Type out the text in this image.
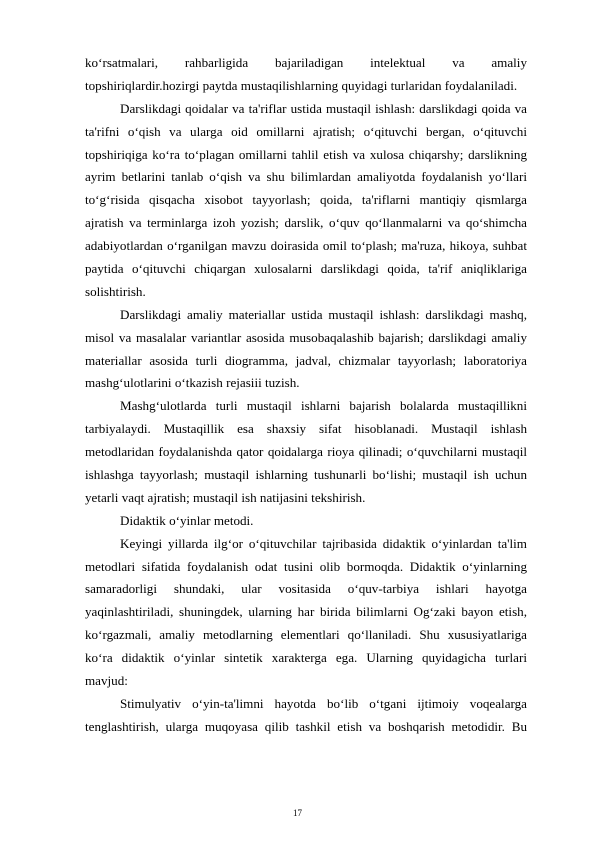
ko‘rsatmalari, rahbarligida bajariladigan intelektual va amaliy
topshiriqlardir.hozirgi paytda mustaqilishlarning quyidagi turlaridan foydalaniladi.
Darslikdagi qoidalar va ta'riflar ustida mustaqil ishlash: darslikdagi qoida va
ta'rifni o‘qish va ularga oid omillarni ajratish; o‘qituvchi bergan, o‘qituvchi
topshiriqiga ko‘ra to‘plagan omillarni tahlil etish va xulosa chiqarshy; darslikning
ayrim betlarini tanlab o‘qish va shu bilimlardan amaliyotda foydalanish yo‘llari
to‘g‘risida qisqacha xisobot tayyorlash; qoida, ta'riflarni mantiqiy qismlarga
ajratish va terminlarga izoh yozish; darslik, o‘quv qo‘llanmalarni va qo‘shimcha
adabiyotlardan o‘rganilgan mavzu doirasida omil to‘plash; ma'ruza, hikoya, suhbat
paytida o‘qituvchi chiqargan xulosalarni darslikdagi qoida, ta'rif aniqliklariga
solishtirish.
Darslikdagi amaliy materiallar ustida mustaqil ishlash: darslikdagi mashq,
misol va masalalar variantlar asosida musobaqalashib bajarish; darslikdagi amaliy
materiallar asosida turli diogramma, jadval, chizmalar tayyorlash; laboratoriya
mashg‘ulotlarini o‘tkazish rejasiii tuzish.
Mashg‘ulotlarda turli mustaqil ishlarni bajarish bolalarda mustaqillikni
tarbiyalaydi. Mustaqillik esa shaxsiy sifat hisoblanadi. Mustaqil ishlash
metodlaridan foydalanishda qator qoidalarga rioya qilinadi; o‘quvchilarni mustaqil
ishlashga tayyorlash; mustaqil ishlarning tushunarli bo‘lishi; mustaqil ish uchun
yetarli vaqt ajratish; mustaqil ish natijasini tekshirish.
Didaktik o‘yinlar metodi.
Keyingi yillarda ilg‘or o‘qituvchilar tajribasida didaktik o‘yinlardan ta'lim
metodlari sifatida foydalanish odat tusini olib bormoqda. Didaktik o‘yinlarning
samaradorligi shundaki, ular vositasida o‘quv-tarbiya ishlari hayotga
yaqinlashtiriladi, shuningdek, ularning har birida bilimlarni Og‘zaki bayon etish,
ko‘rgazmali, amaliy metodlarning elementlari qo‘llaniladi. Shu xususiyatlariga
ko‘ra didaktik o‘yinlar sintetik xarakterga ega. Ularning quyidagicha turlari
mavjud:
Stimulyativ o‘yin-ta'limni hayotda bo‘lib o‘tgani ijtimoiy voqealarga
tenglashtirish, ularga muqoyasa qilib tashkil etish va boshqarish metodidir. Bu
17
